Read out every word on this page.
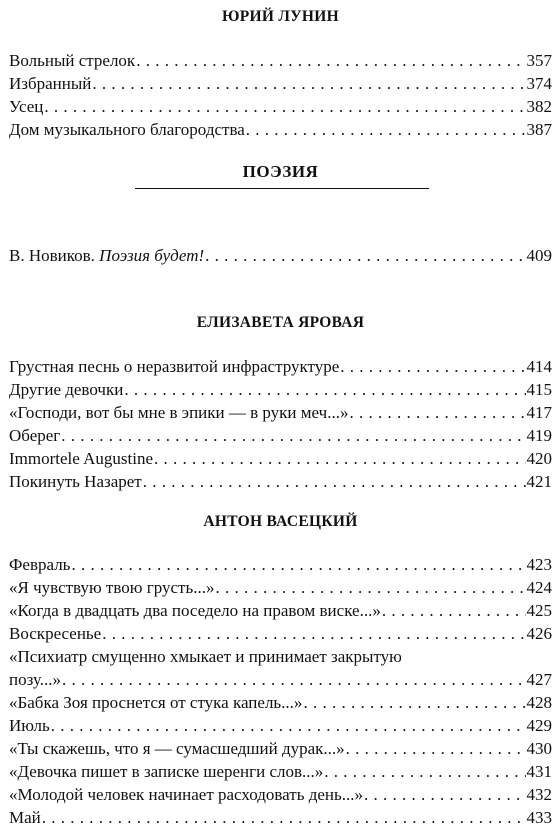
ЮРИЙ ЛУНИН
Вольный стрелок . . .	357
Избранный . . .	374
Усец . . .	382
Дом музыкального благородства . . .	387
ПОЭЗИЯ
В. Новиков. Поэзия будет! . . .	409
ЕЛИЗАВЕТА ЯРОВАЯ
Грустная песнь о неразвитой инфраструктуре . . .	414
Другие девочки . . .	415
«Господи, вот бы мне в эпики — в руки меч...» . . .	417
Оберег . . .	419
Immortele Augustine . . .	420
Покинуть Назарет . . .	421
АНТОН ВАСЕЦКИЙ
Февраль . . .	423
«Я чувствую твою грусть...» . . .	424
«Когда в двадцать два поседело на правом виске...» . . .	425
Воскресенье . . .	426
«Психиатр смущенно хмыкает и принимает закрытую
позу...» . . .	427
«Бабка Зоя проснется от стука капель...» . . .	428
Июль . . .	429
«Ты скажешь, что я — сумасшедший дурак...» . . .	430
«Девочка пишет в записке шеренги слов...» . . .	431
«Молодой человек начинает расходовать день...» . . .	432
Май . . .	433
